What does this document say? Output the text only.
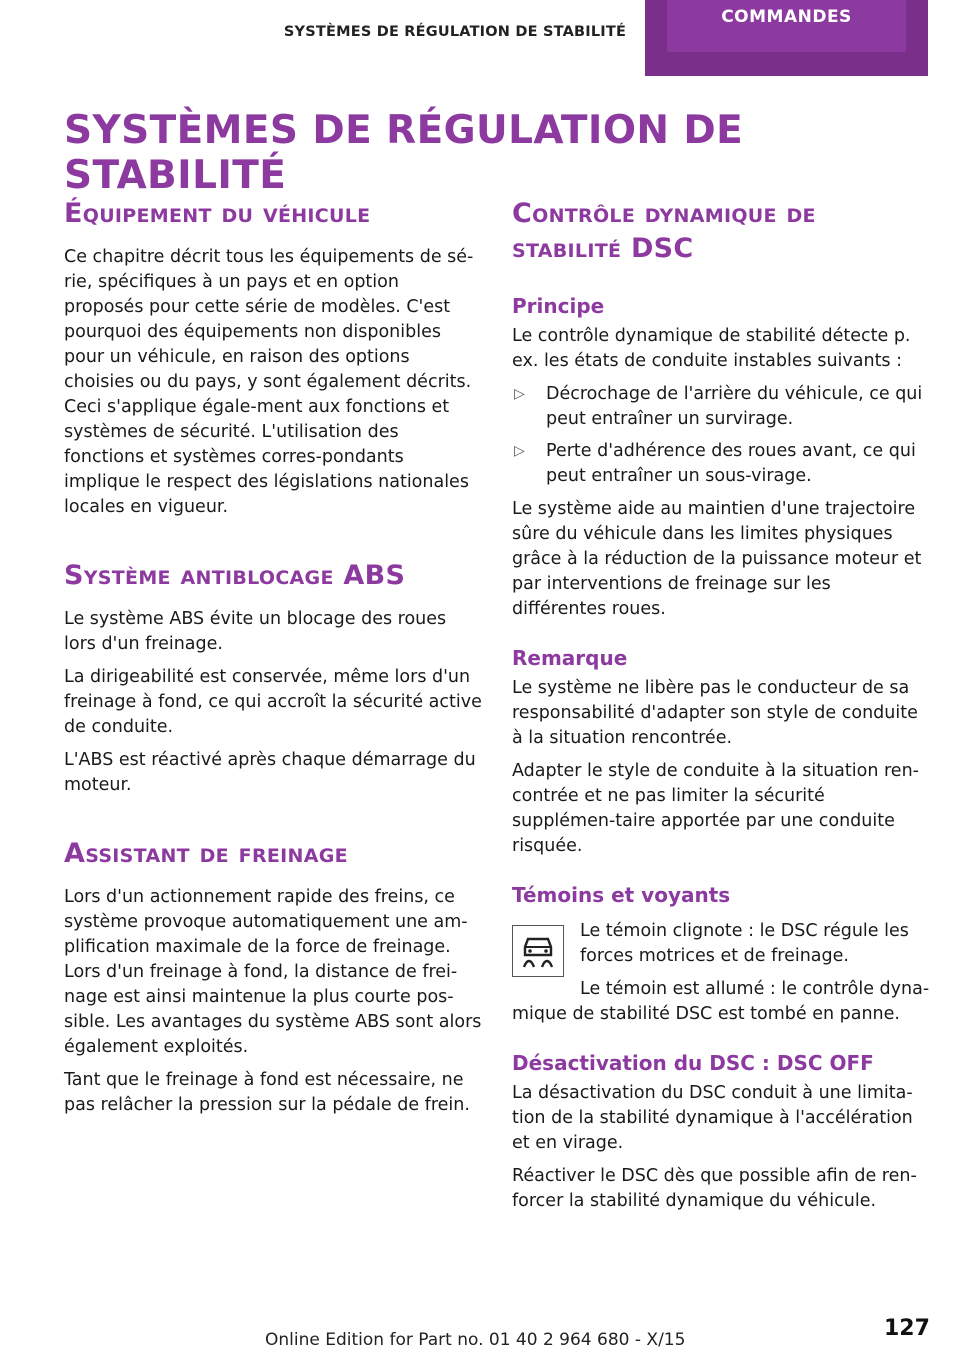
SYSTÈMES DE RÉGULATION DE STABILITÉ
COMMANDES
SYSTÈMES DE RÉGULATION DE STABILITÉ
Équipement du véhicule

Ce chapitre décrit tous les équipements de sé‐rie, spécifiques à un pays et en option proposés pour cette série de modèles. C'est pourquoi des équipements non disponibles pour un véhicule, en raison des options choisies ou du pays, y sont également décrits. Ceci s'applique égale‐ment aux fonctions et systèmes de sécurité. L'utilisation des fonctions et systèmes corres‐pondants implique le respect des législations nationales locales en vigueur.

Système antiblocage ABS

Le système ABS évite un blocage des roues lors d'un freinage.

La dirigeabilité est conservée, même lors d'un freinage à fond, ce qui accroît la sécurité active de conduite.

L'ABS est réactivé après chaque démarrage du moteur.

Assistant de freinage

Lors d'un actionnement rapide des freins, ce système provoque automatiquement une am‐plification maximale de la force de freinage. Lors d'un freinage à fond, la distance de frei‐nage est ainsi maintenue la plus courte pos‐sible. Les avantages du système ABS sont alors également exploités.

Tant que le freinage à fond est nécessaire, ne pas relâcher la pression sur la pédale de frein.

Contrôle dynamique de stabilité DSC
Principe

Le contrôle dynamique de stabilité détecte p. ex. les états de conduite instables suivants :

▷ Décrochage de l'arrière du véhicule, ce qui peut entraîner un survirage.
▷ Perte d'adhérence des roues avant, ce qui peut entraîner un sous-virage.

Le système aide au maintien d'une trajectoire sûre du véhicule dans les limites physiques grâce à la réduction de la puissance moteur et par interventions de freinage sur les différentes roues.

Remarque

Le système ne libère pas le conducteur de sa responsabilité d'adapter son style de conduite à la situation rencontrée.

Adapter le style de conduite à la situation ren‐contrée et ne pas limiter la sécurité supplémen‐taire apportée par une conduite risquée.

Témoins et voyants

Le témoin clignote : le DSC régule les forces motrices et de freinage.

Le témoin est allumé : le contrôle dyna‐mique de stabilité DSC est tombé en panne.

Désactivation du DSC : DSC OFF

La désactivation du DSC conduit à une limita‐tion de la stabilité dynamique à l'accélération et en virage.

Réactiver le DSC dès que possible afin de ren‐forcer la stabilité dynamique du véhicule.

Online Edition for Part no. 01 40 2 964 680 - X/15	127
